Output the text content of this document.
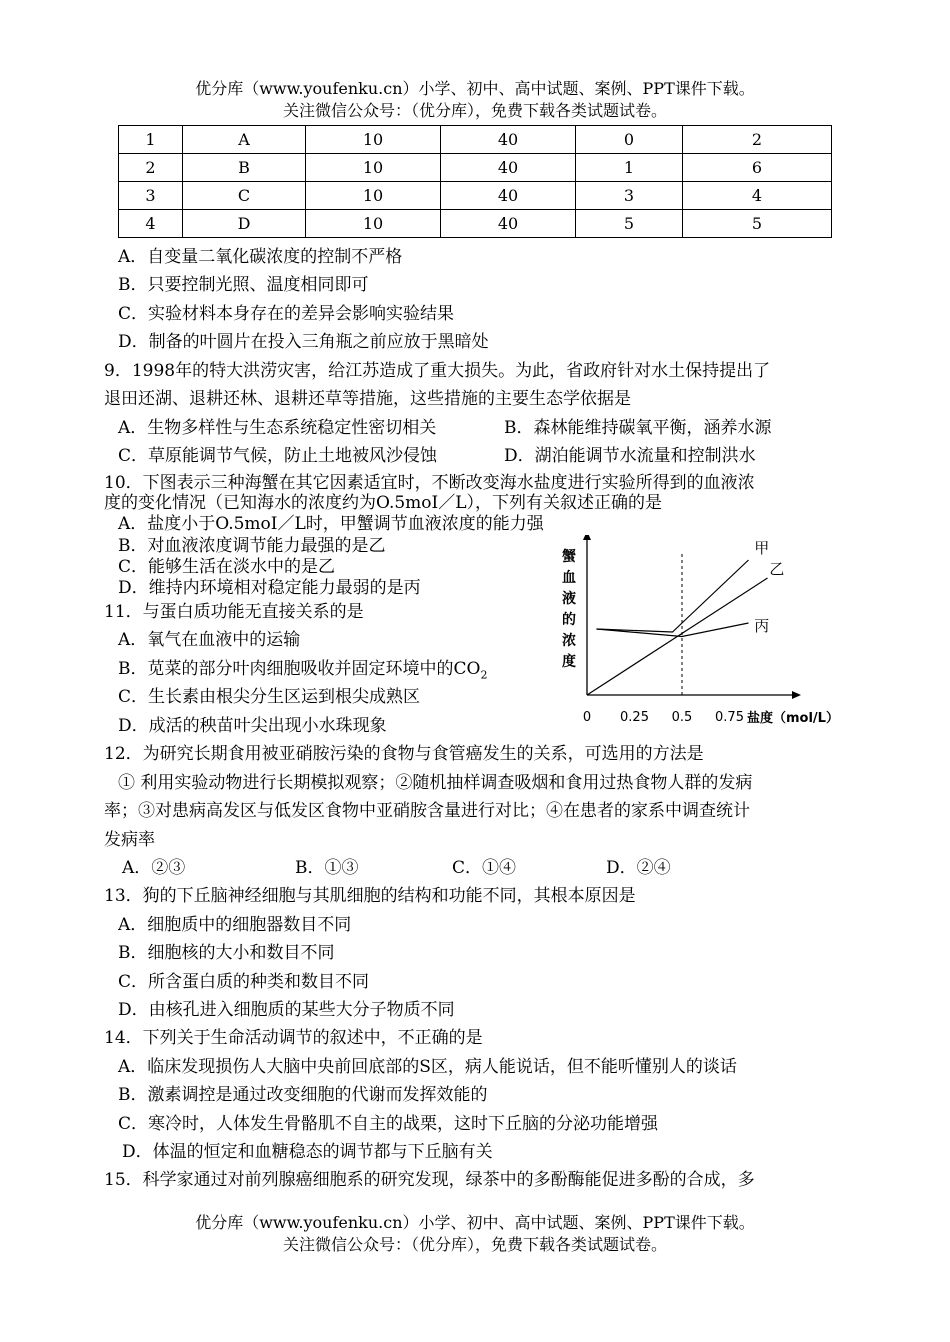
优分库（www.youfenku.cn）小学、初中、高中试题、案例、PPT课件下载。
关注微信公众号：（优分库），免费下载各类试题试卷。
1	A	10	40	0	2
2	B	10	40	1	6
3	C	10	40	3	4
4	D	10	40	5	5
A．自变量二氧化碳浓度的控制不严格
B．只要控制光照、温度相同即可
C．实验材料本身存在的差异会影响实验结果
D．制备的叶圆片在投入三角瓶之前应放于黑暗处
9．1998年的特大洪涝灾害，给江苏造成了重大损失。为此，省政府针对水土保持提出了
退田还湖、退耕还林、退耕还草等措施，这些措施的主要生态学依据是
A．生物多样性与生态系统稳定性密切相关	B．森林能维持碳氧平衡，涵养水源
C．草原能调节气候，防止土地被风沙侵蚀	D．湖泊能调节水流量和控制洪水
10．下图表示三种海蟹在其它因素适宜时，不断改变海水盐度进行实验所得到的血液浓
度的变化情况（已知海水的浓度约为O.5moI／L），下列有关叙述正确的是
A．盐度小于O.5moI／L时，甲蟹调节血液浓度的能力强
B．对血液浓度调节能力最强的是乙
C．能够生活在淡水中的是乙
D．维持内环境相对稳定能力最弱的是丙
11．与蛋白质功能无直接关系的是
A．氧气在血液中的运输
B．苋菜的部分叶肉细胞吸收并固定环境中的$CO_2$
C．生长素由根尖分生区运到根尖成熟区
D．成活的秧苗叶尖出现小水珠现象
蟹
血
液
的
浓
度
0 0.25 0.5 0.75 盐度（mol/L）
甲
乙
丙
12．为研究长期食用被亚硝胺污染的食物与食管癌发生的关系，可选用的方法是
① 利用实验动物进行长期模拟观察；②随机抽样调查吸烟和食用过热食物人群的发病
率；③对患病高发区与低发区食物中亚硝胺含量进行对比；④在患者的家系中调查统计
发病率
A．②③	B．①③	C．①④	D．②④
13．狗的下丘脑神经细胞与其肌细胞的结构和功能不同，其根本原因是
A．细胞质中的细胞器数目不同
B．细胞核的大小和数目不同
C．所含蛋白质的种类和数目不同
D．由核孔进入细胞质的某些大分子物质不同
14．下列关于生命活动调节的叙述中，不正确的是
A．临床发现损伤人大脑中央前回底部的S区，病人能说话，但不能听懂别人的谈话
B．激素调控是通过改变细胞的代谢而发挥效能的
C．寒冷时，人体发生骨骼肌不自主的战栗，这时下丘脑的分泌功能增强
D．体温的恒定和血糖稳态的调节都与下丘脑有关
15．科学家通过对前列腺癌细胞系的研究发现，绿茶中的多酚酶能促进多酚的合成，多
优分库（www.youfenku.cn）小学、初中、高中试题、案例、PPT课件下载。
关注微信公众号：（优分库），免费下载各类试题试卷。
